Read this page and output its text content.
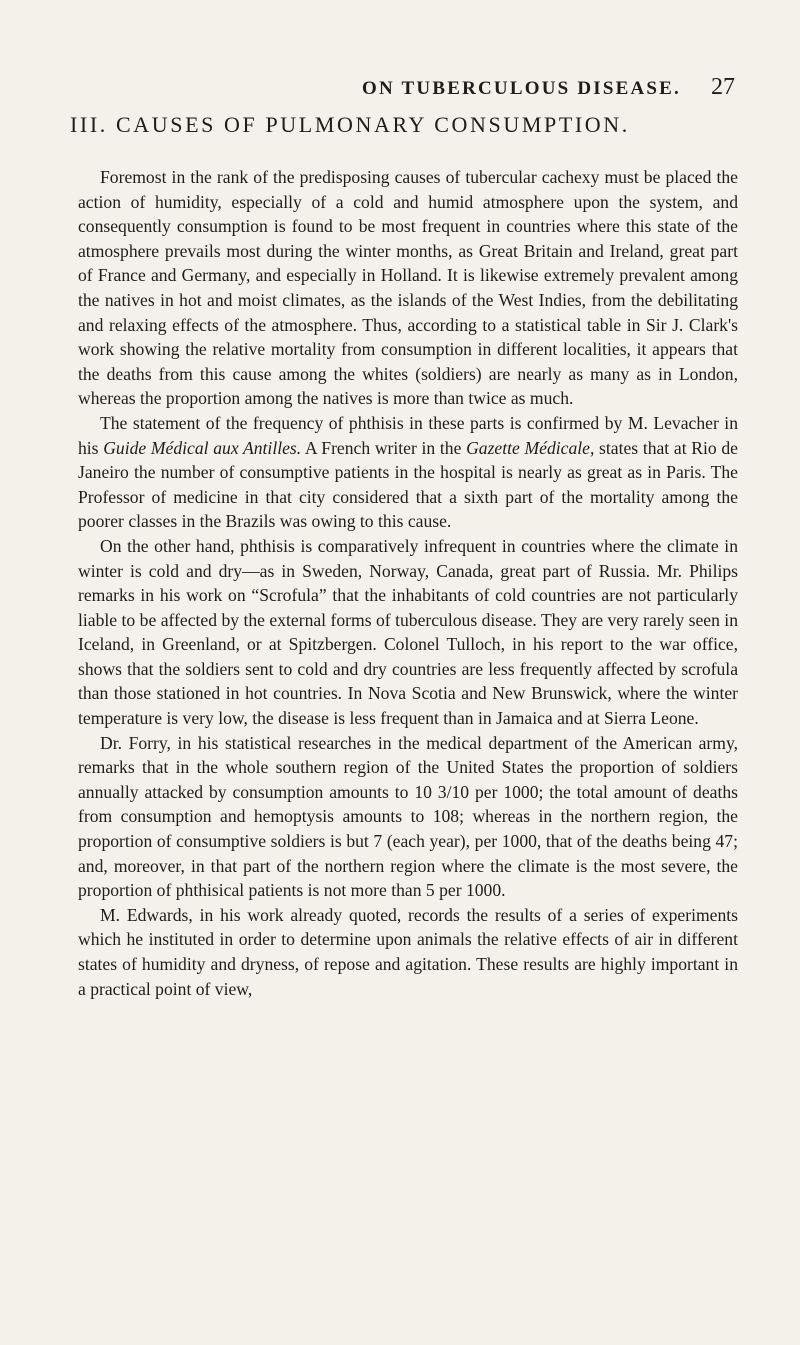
ON TUBERCULOUS DISEASE. 27
III. CAUSES OF PULMONARY CONSUMPTION.

Foremost in the rank of the predisposing causes of tubercular cachexy must be placed the action of humidity, especially of a cold and humid atmosphere upon the system, and consequently consumption is found to be most frequent in countries where this state of the atmosphere prevails most during the winter months, as Great Britain and Ireland, great part of France and Germany, and especially in Holland. It is likewise extremely prevalent among the natives in hot and moist climates, as the islands of the West Indies, from the debilitating and relaxing effects of the atmosphere. Thus, according to a statistical table in Sir J. Clark's work showing the relative mortality from consumption in different localities, it appears that the deaths from this cause among the whites (soldiers) are nearly as many as in London, whereas the proportion among the natives is more than twice as much.

The statement of the frequency of phthisis in these parts is confirmed by M. Levacher in his Guide Médical aux Antilles. A French writer in the Gazette Médicale, states that at Rio de Janeiro the number of consumptive patients in the hospital is nearly as great as in Paris. The Professor of medicine in that city considered that a sixth part of the mortality among the poorer classes in the Brazils was owing to this cause.

On the other hand, phthisis is comparatively infrequent in countries where the climate in winter is cold and dry—as in Sweden, Norway, Canada, great part of Russia. Mr. Philips remarks in his work on “Scrofula” that the inhabitants of cold countries are not particularly liable to be affected by the external forms of tuberculous disease. They are very rarely seen in Iceland, in Greenland, or at Spitzbergen. Colonel Tulloch, in his report to the war office, shows that the soldiers sent to cold and dry countries are less frequently affected by scrofula than those stationed in hot countries. In Nova Scotia and New Brunswick, where the winter temperature is very low, the disease is less frequent than in Jamaica and at Sierra Leone.

Dr. Forry, in his statistical researches in the medical department of the American army, remarks that in the whole southern region of the United States the proportion of soldiers annually attacked by consumption amounts to 10 3/10 per 1000; the total amount of deaths from consumption and hemoptysis amounts to 108; whereas in the northern region, the proportion of consumptive soldiers is but 7 (each year), per 1000, that of the deaths being 47; and, moreover, in that part of the northern region where the climate is the most severe, the proportion of phthisical patients is not more than 5 per 1000.

M. Edwards, in his work already quoted, records the results of a series of experiments which he instituted in order to determine upon animals the relative effects of air in different states of humidity and dryness, of repose and agitation. These results are highly important in a practical point of view,
